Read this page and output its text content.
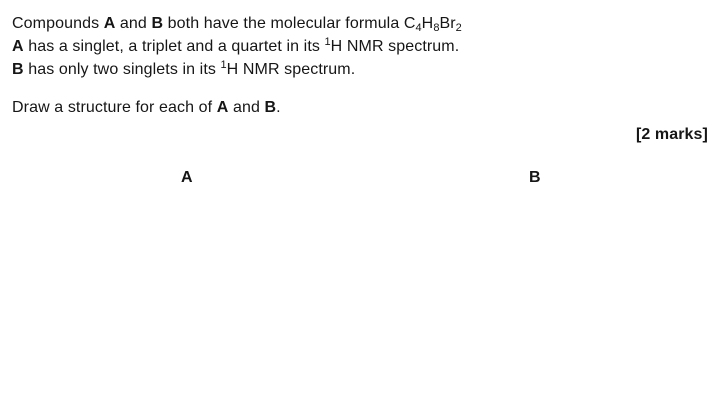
Compounds A and B both have the molecular formula $C_4H_8Br_2$
A has a singlet, a triplet and a quartet in its $^1$H NMR spectrum.
B has only two singlets in its $^1$H NMR spectrum.
Draw a structure for each of A and B.
[2 marks]
A	B
